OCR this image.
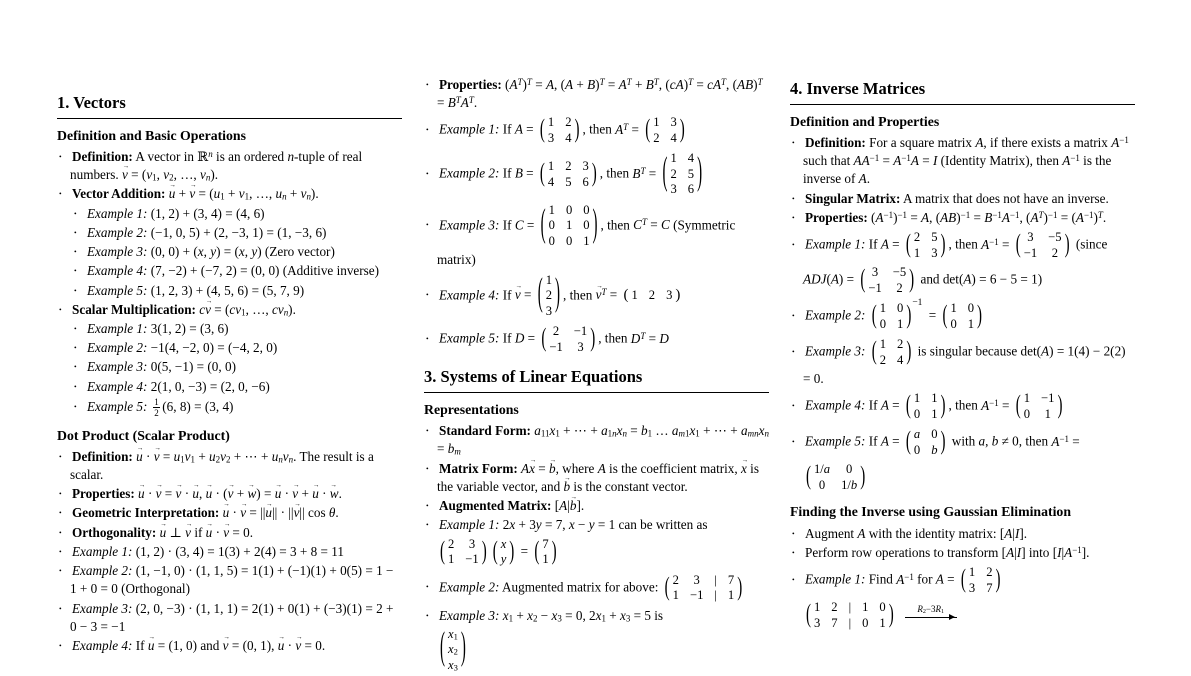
1. Vectors
Definition and Basic Operations
• Definition: A vector in ℝ$^n$ is an ordered n-tuple of real numbers. v → = ($v_1$, $v_2$, …, $v_n$).
• Vector Addition: u → + v → = ($u_1 + v_1$, …, $u_n + v_n$).
• Example 1: (1, 2) + (3, 4) = (4, 6)
• Example 2: (−1, 0, 5) + (2, −3, 1) = (1, −3, 6)
• Example 3: (0, 0) + (x, y) = (x, y) (Zero vector)
• Example 4: (7, −2) + (−7, 2) = (0, 0) (Additive inverse)
• Example 5: (1, 2, 3) + (4, 5, 6) = (5, 7, 9)
• Scalar Multiplication: cv → = ($cv_1$, …, $cv_n$).
• Example 1: 3(1, 2) = (3, 6)
• Example 2: −1(4, −2, 0) = (−4, 2, 0)
• Example 3: 0(5, −1) = (0, 0)
• Example 4: 2(1, 0, −3) = (2, 0, −6)
• Example 5: $\frac{1}{2} (6$, 8) = (3, 4)
Dot Product (Scalar Product)
• Definition: u → · v → = $u_1v_1 + u_2v_2$ + ⋯ + $u_nv_n$. The result is a scalar.
• Properties: u → · v → = v → · u →, u → · (v → + w →) = u → · v → + u → · w →.
• Geometric Interpretation: u → · v → = ||u →|| · ||v →|| cos θ.
• Orthogonality: u → ⊥ v → if u → · v → = 0.
• Example 1: (1, 2) · (3, 4) = 1(3) + 2(4) = 3 + 8 = 11
• Example 2: (1, −1, 0) · (1, 1, 5) = 1(1) + (−1)(1) + 0(5) = 1 − 1 + 0 = 0 (Orthogonal)
• Example 3: (2, 0, −3) · (1, 1, 1) = 2(1) + 0(1) + (−3)(1) = 2 + 0 − 3 = −1
• Example 4: If u → = (1, 0) and v → = (0, 1), u → · v → = 0.
• Properties: $(A^T)^T = A$, $(A + B)^T = A^T + B^T$, $(cA)^T = cA^T$, $(AB)^T = B^TA^T$.
• Example 1: If A = ( 1 2
3 4 ) , then $A^T$ = ( 1 3
2 4 )
• Example 2: If B = ( 1 2 3
4 5 6 ) , then $B^T$ = ( 1 4
2 5
3 6 )
• Example 3: If C = ( 1 0 0
0 1 0
0 0 1 ) , then $C^T = C$ (Symmetric matrix)
• Example 4: If v → = ( 1
2
3 ) , then v →$^T$ = ( 1 2 3 )
• Example 5: If D = ( 2 −1
−1 3 ) , then $D^T = D$
3. Systems of Linear Equations
Representations
• Standard Form: $a_{11}x_1$ + ⋯ + $a_{1n}x_n = b_1$ … $a_{m1}x_1$ + ⋯ + $a_{mn}x_n = b_m$
• Matrix Form: Ax → = b →, where A is the coefficient matrix, x → is the variable vector, and b → is the constant vector.
• Augmented Matrix: [A|b →].
• Example 1: 2x + 3y = 7, x − y = 1 can be written as

( 2 3
1 −1 ) ( x
y ) = ( 7
1 )
• Example 2: Augmented matrix for above: ( 2 3 | 7
1 −1 | 1 )
• Example 3: $x_1 + x_2 - x_3 = 0$, $2x_1 + x_3 = 5$ is

( $x_1$
$x_2$
$x_3$ )
4. Inverse Matrices
Definition and Properties
• Definition: For a square matrix A, if there exists a matrix $A^{-1}$ such that $AA^{-1} = A^{-1}A = I$ (Identity Matrix), then $A^{-1}$ is the inverse of A.
• Singular Matrix: A matrix that does not have an inverse.
• Properties: $(A^{-1})^{-1} = A$, $(AB)^{-1} = B^{-1}A^{-1}$, $(A^T)^{-1} = (A^{-1})^T$.
• Example 1: If A = ( 2 5
1 3 ) , then $A^{-1}$ = ( 3 −5
−1 2 ) (since ADJ(A) = ( 3 −5
−1 2 ) and det(A) = 6 − 5 = 1)
• Example 2: ( 1 0
0 1 ) −1
= ( 1 0
0 1 )
• Example 3: ( 1 2
2 4 ) is singular because det(A) = 1(4) − 2(2) = 0.
• Example 4: If A = ( 1 1
0 1 ) , then $A^{-1}$ = ( 1 −1
0 1 )
• Example 5: If A = ( a 0
0 b ) with a, b ≠ 0, then $A^{-1}$ =

( 1/a	0
0	1/b )
Finding the Inverse using Gaussian Elimination
• Augment A with the identity matrix: [A|I].
• Perform row operations to transform [A|I] into $[I|A^{-1}]$.
• Example 1: Find $A^{-1}$ for A = ( 1 2
3 7 )

( 1 2 | 1 0
3 7 | 0 1 )	$R_2-3R_1$
